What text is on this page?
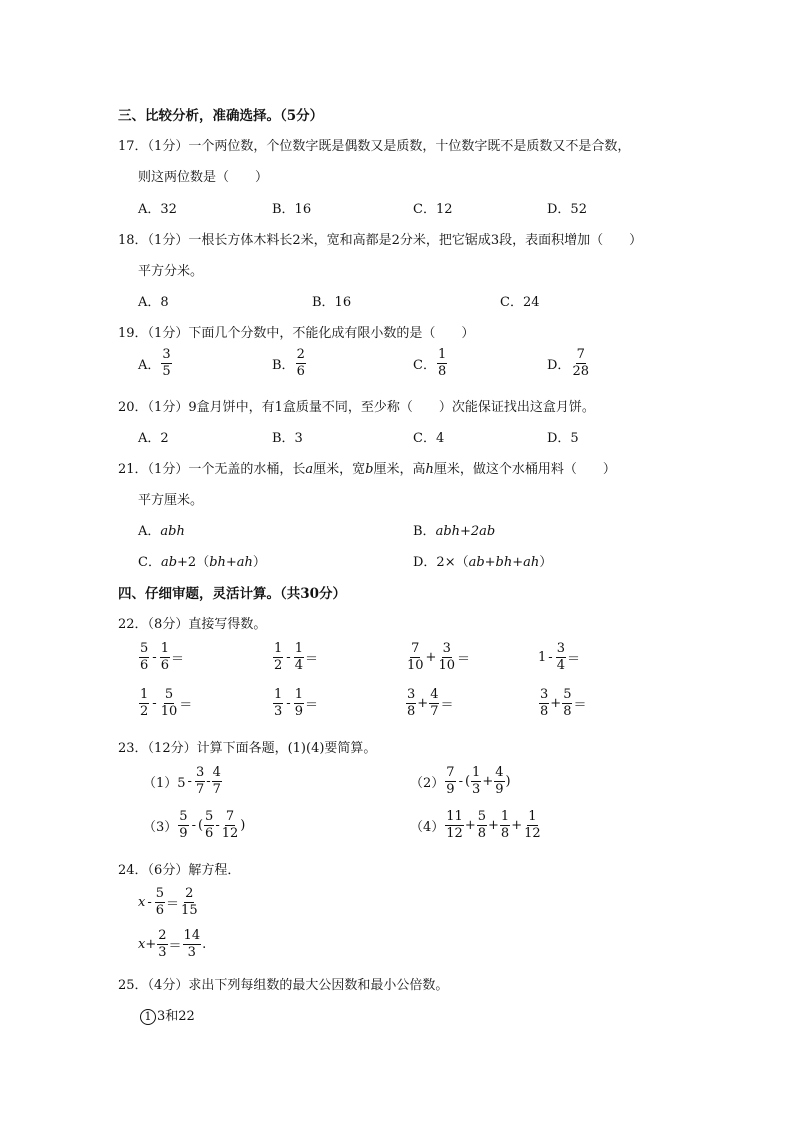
三、比较分析，准确选择。（5分）
17．（1分）一个两位数，个位数字既是偶数又是质数，十位数字既不是质数又不是合数，
则这两位数是（　　）
A．32	B．16	C．12	D．52
18．（1分）一根长方体木料长2米，宽和高都是2分米，把它锯成3段，表面积增加（　　）
平方分米。
A．8	B．16	C．24
19．（1分）下面几个分数中，不能化成有限小数的是（　　）
A． $\frac{3}{5}$	B． $\frac{2}{6}$	C． $\frac{1}{8}$	D． $\frac{7}{28}$
20．（1分）9盒月饼中，有1盒质量不同，至少称（　　）次能保证找出这盒月饼。
A．2	B．3	C．4	D．5
21．（1分）一个无盖的水桶，长a厘米，宽b厘米，高h厘米，做这个水桶用料（　　）
平方厘米。
A．abh	B．abh+2ab
C．ab+2（bh+ah）	D．2×（ab+bh+ah）
四、仔细审题，灵活计算。（共30分）
22．（8分）直接写得数。
$\frac{5}{6} - \frac{1}{6}$ ＝	$\frac{1}{2} - \frac{1}{4}$ ＝	$\frac{7}{10} + \frac{3}{10}$ ＝	$1 - \frac{3}{4}$ ＝
$\frac{1}{2} - \frac{5}{10}$ ＝	$\frac{1}{3} - \frac{1}{9}$ ＝	$\frac{3}{8} + \frac{4}{7}$ ＝	$\frac{3}{8} + \frac{5}{8}$ ＝
23．（12分）计算下面各题，(1)(4)要简算。
$(1)5 - \frac{3}{7} - \frac{4}{7}$	$(2) \frac{7}{9}$ - ( $\frac{1}{3} + \frac{4}{9}$ )
$(3) \frac{5}{9}$ - ( $\frac{5}{6} - \frac{7}{12}$ )	$(4) \frac{11}{12} + \frac{5}{8} + \frac{1}{8} + \frac{1}{12}$
24．（6分）解方程．
$x - \frac{5}{6} = \frac{2}{15}$
$x + \frac{2}{3} = \frac{14}{3}$ .
25．（4分）求出下列每组数的最大公因数和最小公倍数。
1 3和22
